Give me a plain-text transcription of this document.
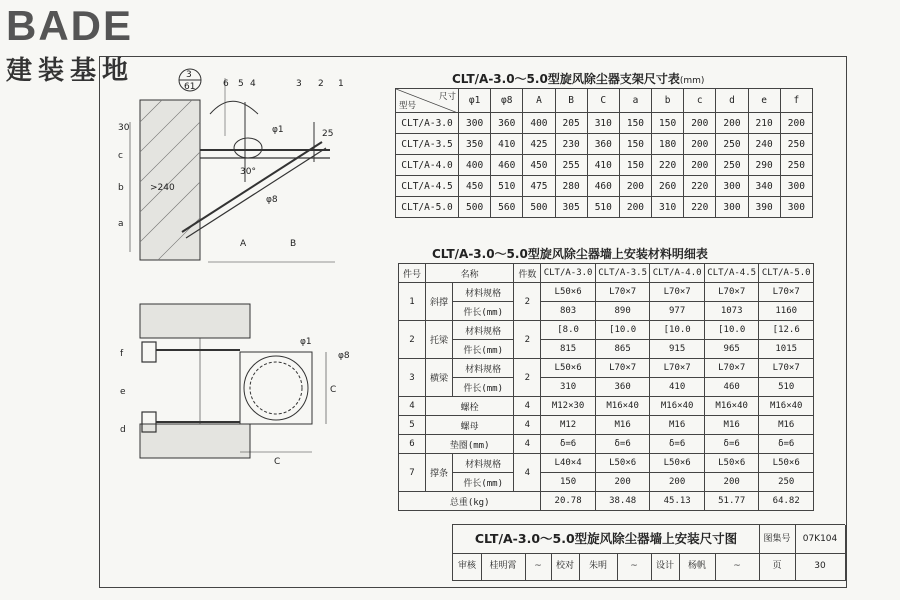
BADE
建装基地	3
61	6 5 4	3 2 1
30
25
c
b
a
A	B
30°
>240
φ1
φ8
φ1
φ8
f
e
d
C
C
CLT/A-3.0～5.0型旋风除尘器支架尺寸表(mm)
尺寸
型号	φ1	φ8	A	B	C	a	b	c	d	e	f
CLT/A-3.0	300	360	400	205	310	150	150	200	200	210	200
CLT/A-3.5	350	410	425	230	360	150	180	200	250	240	250
CLT/A-4.0	400	460	450	255	410	150	220	200	250	290	250
CLT/A-4.5	450	510	475	280	460	200	260	220	300	340	300
CLT/A-5.0	500	560	500	305	510	200	310	220	300	390	300
CLT/A-3.0～5.0型旋风除尘器墙上安装材料明细表
件号	名称		件数	CLT/A-3.0	CLT/A-3.5	CLT/A-4.0	CLT/A-4.5	CLT/A-5.0
1	斜撑	材料规格	2	L50×6	L70×7	L70×7	L70×7	L70×7
		件长(mm)		803	890	977	1073	1160
2	托梁	材料规格	2	[8.0	[10.0	[10.0	[10.0	[12.6
		件长(mm)		815	865	915	965	1015
3	横梁	材料规格	2	L50×6	L70×7	L70×7	L70×7	L70×7
		件长(mm)		310	360	410	460	510
4	螺栓		4	M12×30	M16×40	M16×40	M16×40	M16×40
5	螺母		4	M12	M16	M16	M16	M16
6	垫圈(mm)		4	δ=6	δ=6	δ=6	δ=6	δ=6
7	撑条	材料规格	4	L40×4	L50×6	L50×6	L50×6	L50×6
		件长(mm)		150	200	200	200	250
总重(kg)				20.78	38.48	45.13	51.77	64.82
CLT/A-3.0～5.0型旋风除尘器墙上安装尺寸图	图集号	07K104
审核	桂明霄	~	校对	朱明	~	设计	杨帆	~	页	30
